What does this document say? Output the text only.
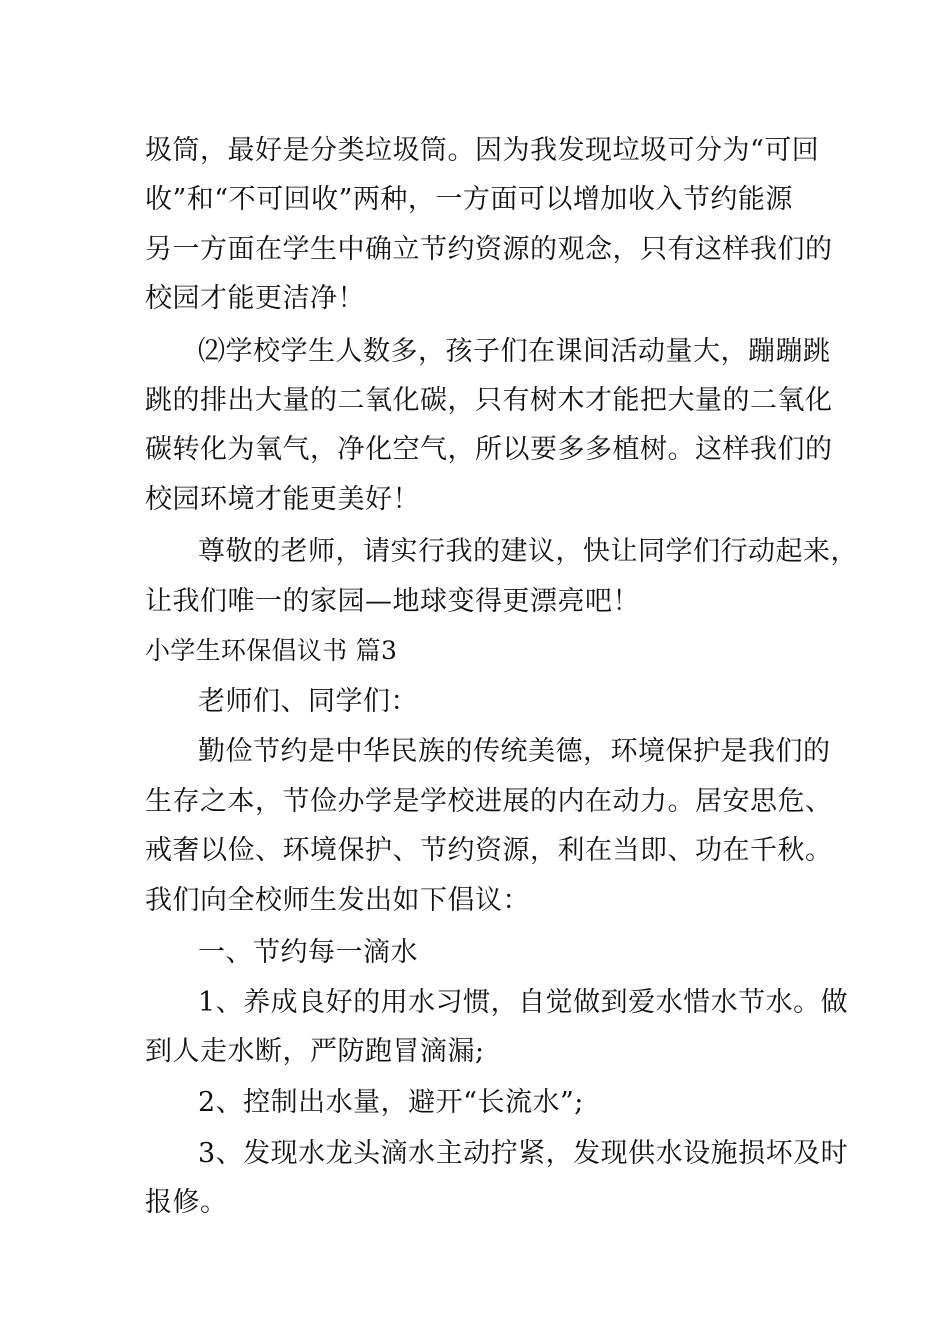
圾筒，最好是分类垃圾筒。因为我发现垃圾可分为“可回
收”和“不可回收”两种，一方面可以增加收入节约能源
另一方面在学生中确立节约资源的观念，只有这样我们的
校园才能更洁净！
⑵学校学生人数多，孩子们在课间活动量大，蹦蹦跳
跳的排出大量的二氧化碳，只有树木才能把大量的二氧化
碳转化为氧气，净化空气，所以要多多植树。这样我们的
校园环境才能更美好！
尊敬的老师，请实行我的建议，快让同学们行动起来，
让我们唯一的家园—地球变得更漂亮吧！
小学生环保倡议书 篇3
老师们、同学们：
勤俭节约是中华民族的传统美德，环境保护是我们的
生存之本，节俭办学是学校进展的内在动力。居安思危、
戒奢以俭、环境保护、节约资源，利在当即、功在千秋。
我们向全校师生发出如下倡议：
一、节约每一滴水
1、养成良好的用水习惯，自觉做到爱水惜水节水。做
到人走水断，严防跑冒滴漏;
2、控制出水量，避开“长流水”;
3、发现水龙头滴水主动拧紧，发现供水设施损坏及时
报修。
